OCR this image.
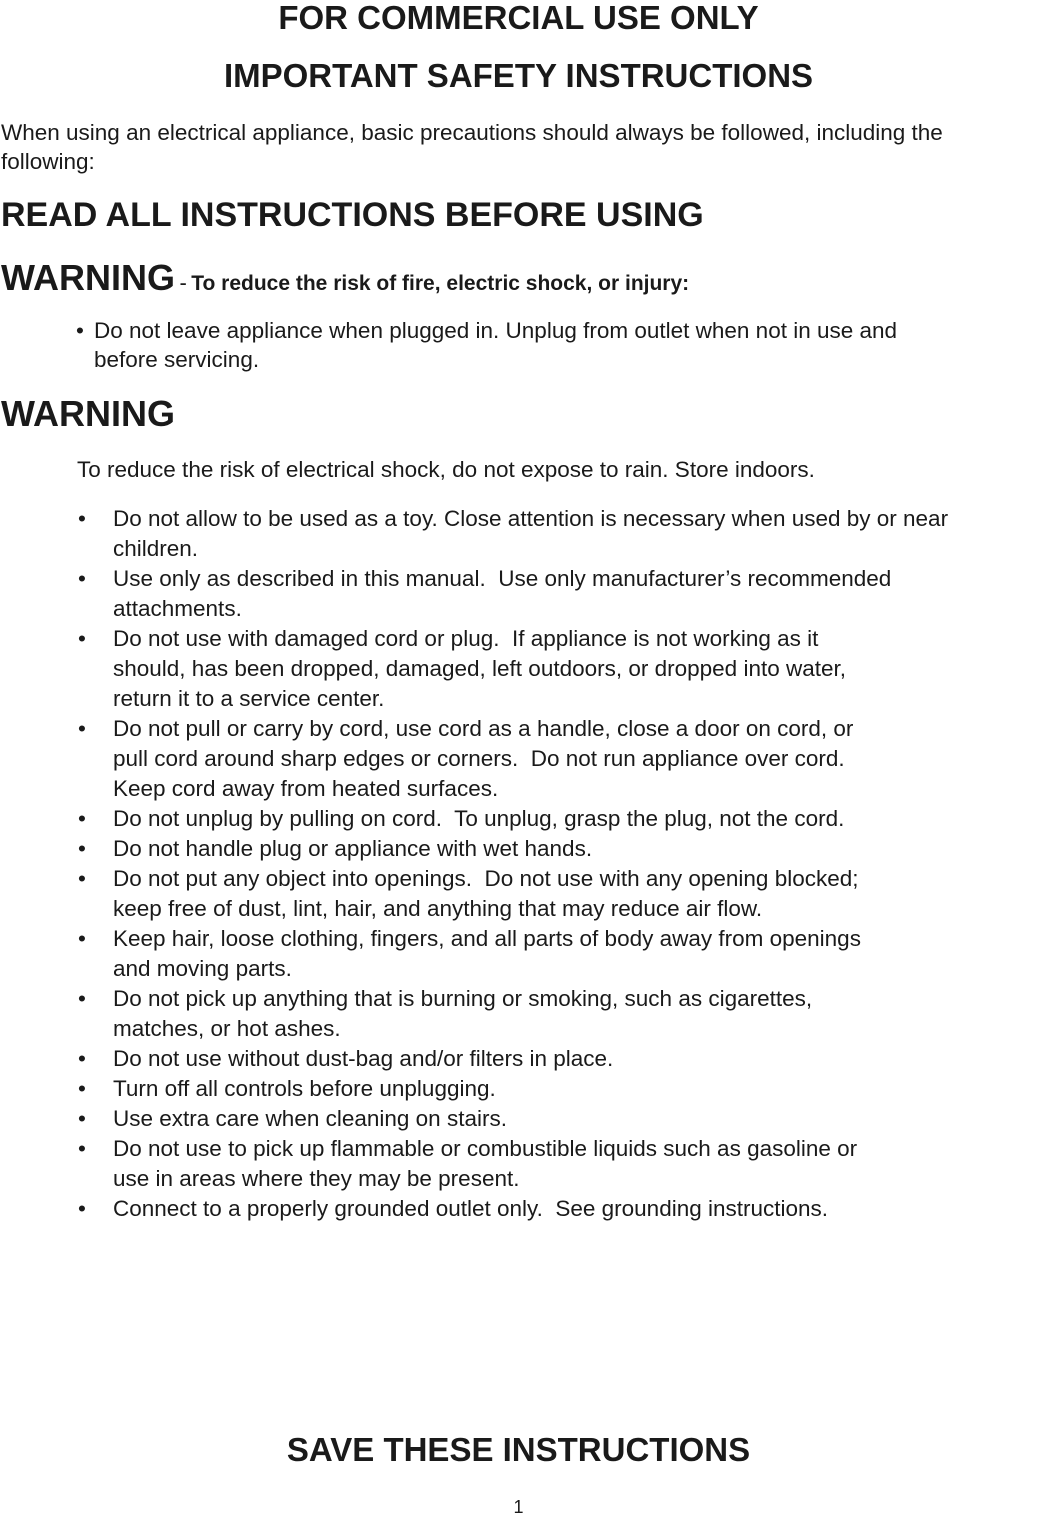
FOR COMMERCIAL USE ONLY
IMPORTANT SAFETY INSTRUCTIONS
When using an electrical appliance, basic precautions should always be followed, including the
following:
READ ALL INSTRUCTIONS BEFORE USING
WARNING - To reduce the risk of fire, electric shock, or injury:
• Do not leave appliance when plugged in. Unplug from outlet when not in use and
before servicing.
WARNING
To reduce the risk of electrical shock, do not expose to rain. Store indoors.
• Do not allow to be used as a toy. Close attention is necessary when used by or near
children.
• Use only as described in this manual.  Use only manufacturer’s recommended
attachments.
• Do not use with damaged cord or plug.  If appliance is not working as it
should, has been dropped, damaged, left outdoors, or dropped into water,
return it to a service center.
• Do not pull or carry by cord, use cord as a handle, close a door on cord, or
pull cord around sharp edges or corners.  Do not run appliance over cord.
Keep cord away from heated surfaces.
• Do not unplug by pulling on cord.  To unplug, grasp the plug, not the cord.
• Do not handle plug or appliance with wet hands.
• Do not put any object into openings.  Do not use with any opening blocked;
keep free of dust, lint, hair, and anything that may reduce air flow.
• Keep hair, loose clothing, fingers, and all parts of body away from openings
and moving parts.
• Do not pick up anything that is burning or smoking, such as cigarettes,
matches, or hot ashes.
• Do not use without dust-bag and/or filters in place.
• Turn off all controls before unplugging.
• Use extra care when cleaning on stairs.
• Do not use to pick up flammable or combustible liquids such as gasoline or
use in areas where they may be present.
• Connect to a properly grounded outlet only.  See grounding instructions.
SAVE THESE INSTRUCTIONS
1
